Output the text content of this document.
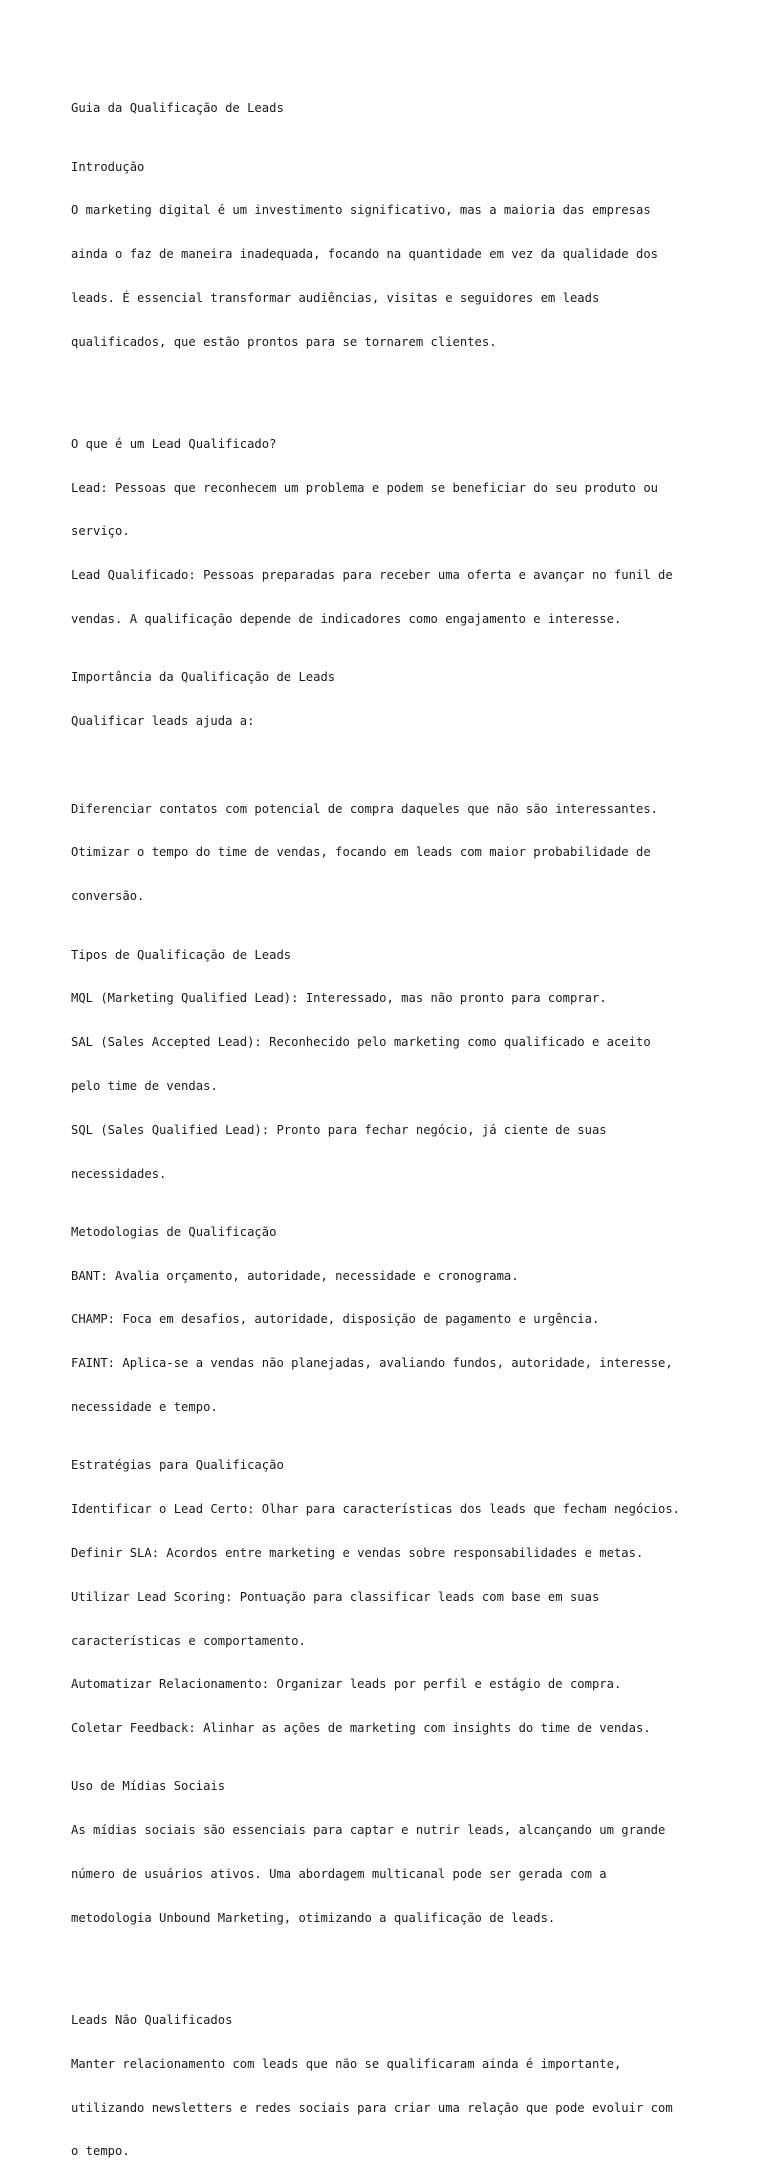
Guia da Qualificação de Leads

Introdução

O marketing digital é um investimento significativo, mas a maioria das empresas

ainda o faz de maneira inadequada, focando na quantidade em vez da qualidade dos

leads. É essencial transformar audiências, visitas e seguidores em leads

qualificados, que estão prontos para se tornarem clientes.

O que é um Lead Qualificado?

Lead: Pessoas que reconhecem um problema e podem se beneficiar do seu produto ou

serviço.

Lead Qualificado: Pessoas preparadas para receber uma oferta e avançar no funil de

vendas. A qualificação depende de indicadores como engajamento e interesse.

Importância da Qualificação de Leads

Qualificar leads ajuda a:

Diferenciar contatos com potencial de compra daqueles que não são interessantes.

Otimizar o tempo do time de vendas, focando em leads com maior probabilidade de

conversão.

Tipos de Qualificação de Leads

MQL (Marketing Qualified Lead): Interessado, mas não pronto para comprar.

SAL (Sales Accepted Lead): Reconhecido pelo marketing como qualificado e aceito

pelo time de vendas.

SQL (Sales Qualified Lead): Pronto para fechar negócio, já ciente de suas

necessidades.

Metodologias de Qualificação

BANT: Avalia orçamento, autoridade, necessidade e cronograma.

CHAMP: Foca em desafios, autoridade, disposição de pagamento e urgência.

FAINT: Aplica-se a vendas não planejadas, avaliando fundos, autoridade, interesse,

necessidade e tempo.

Estratégias para Qualificação

Identificar o Lead Certo: Olhar para características dos leads que fecham negócios.

Definir SLA: Acordos entre marketing e vendas sobre responsabilidades e metas.

Utilizar Lead Scoring: Pontuação para classificar leads com base em suas

características e comportamento.

Automatizar Relacionamento: Organizar leads por perfil e estágio de compra.

Coletar Feedback: Alinhar as ações de marketing com insights do time de vendas.

Uso de Mídias Sociais

As mídias sociais são essenciais para captar e nutrir leads, alcançando um grande

número de usuários ativos. Uma abordagem multicanal pode ser gerada com a

metodologia Unbound Marketing, otimizando a qualificação de leads.

Leads Não Qualificados

Manter relacionamento com leads que não se qualificaram ainda é importante,

utilizando newsletters e redes sociais para criar uma relação que pode evoluir com

o tempo.
